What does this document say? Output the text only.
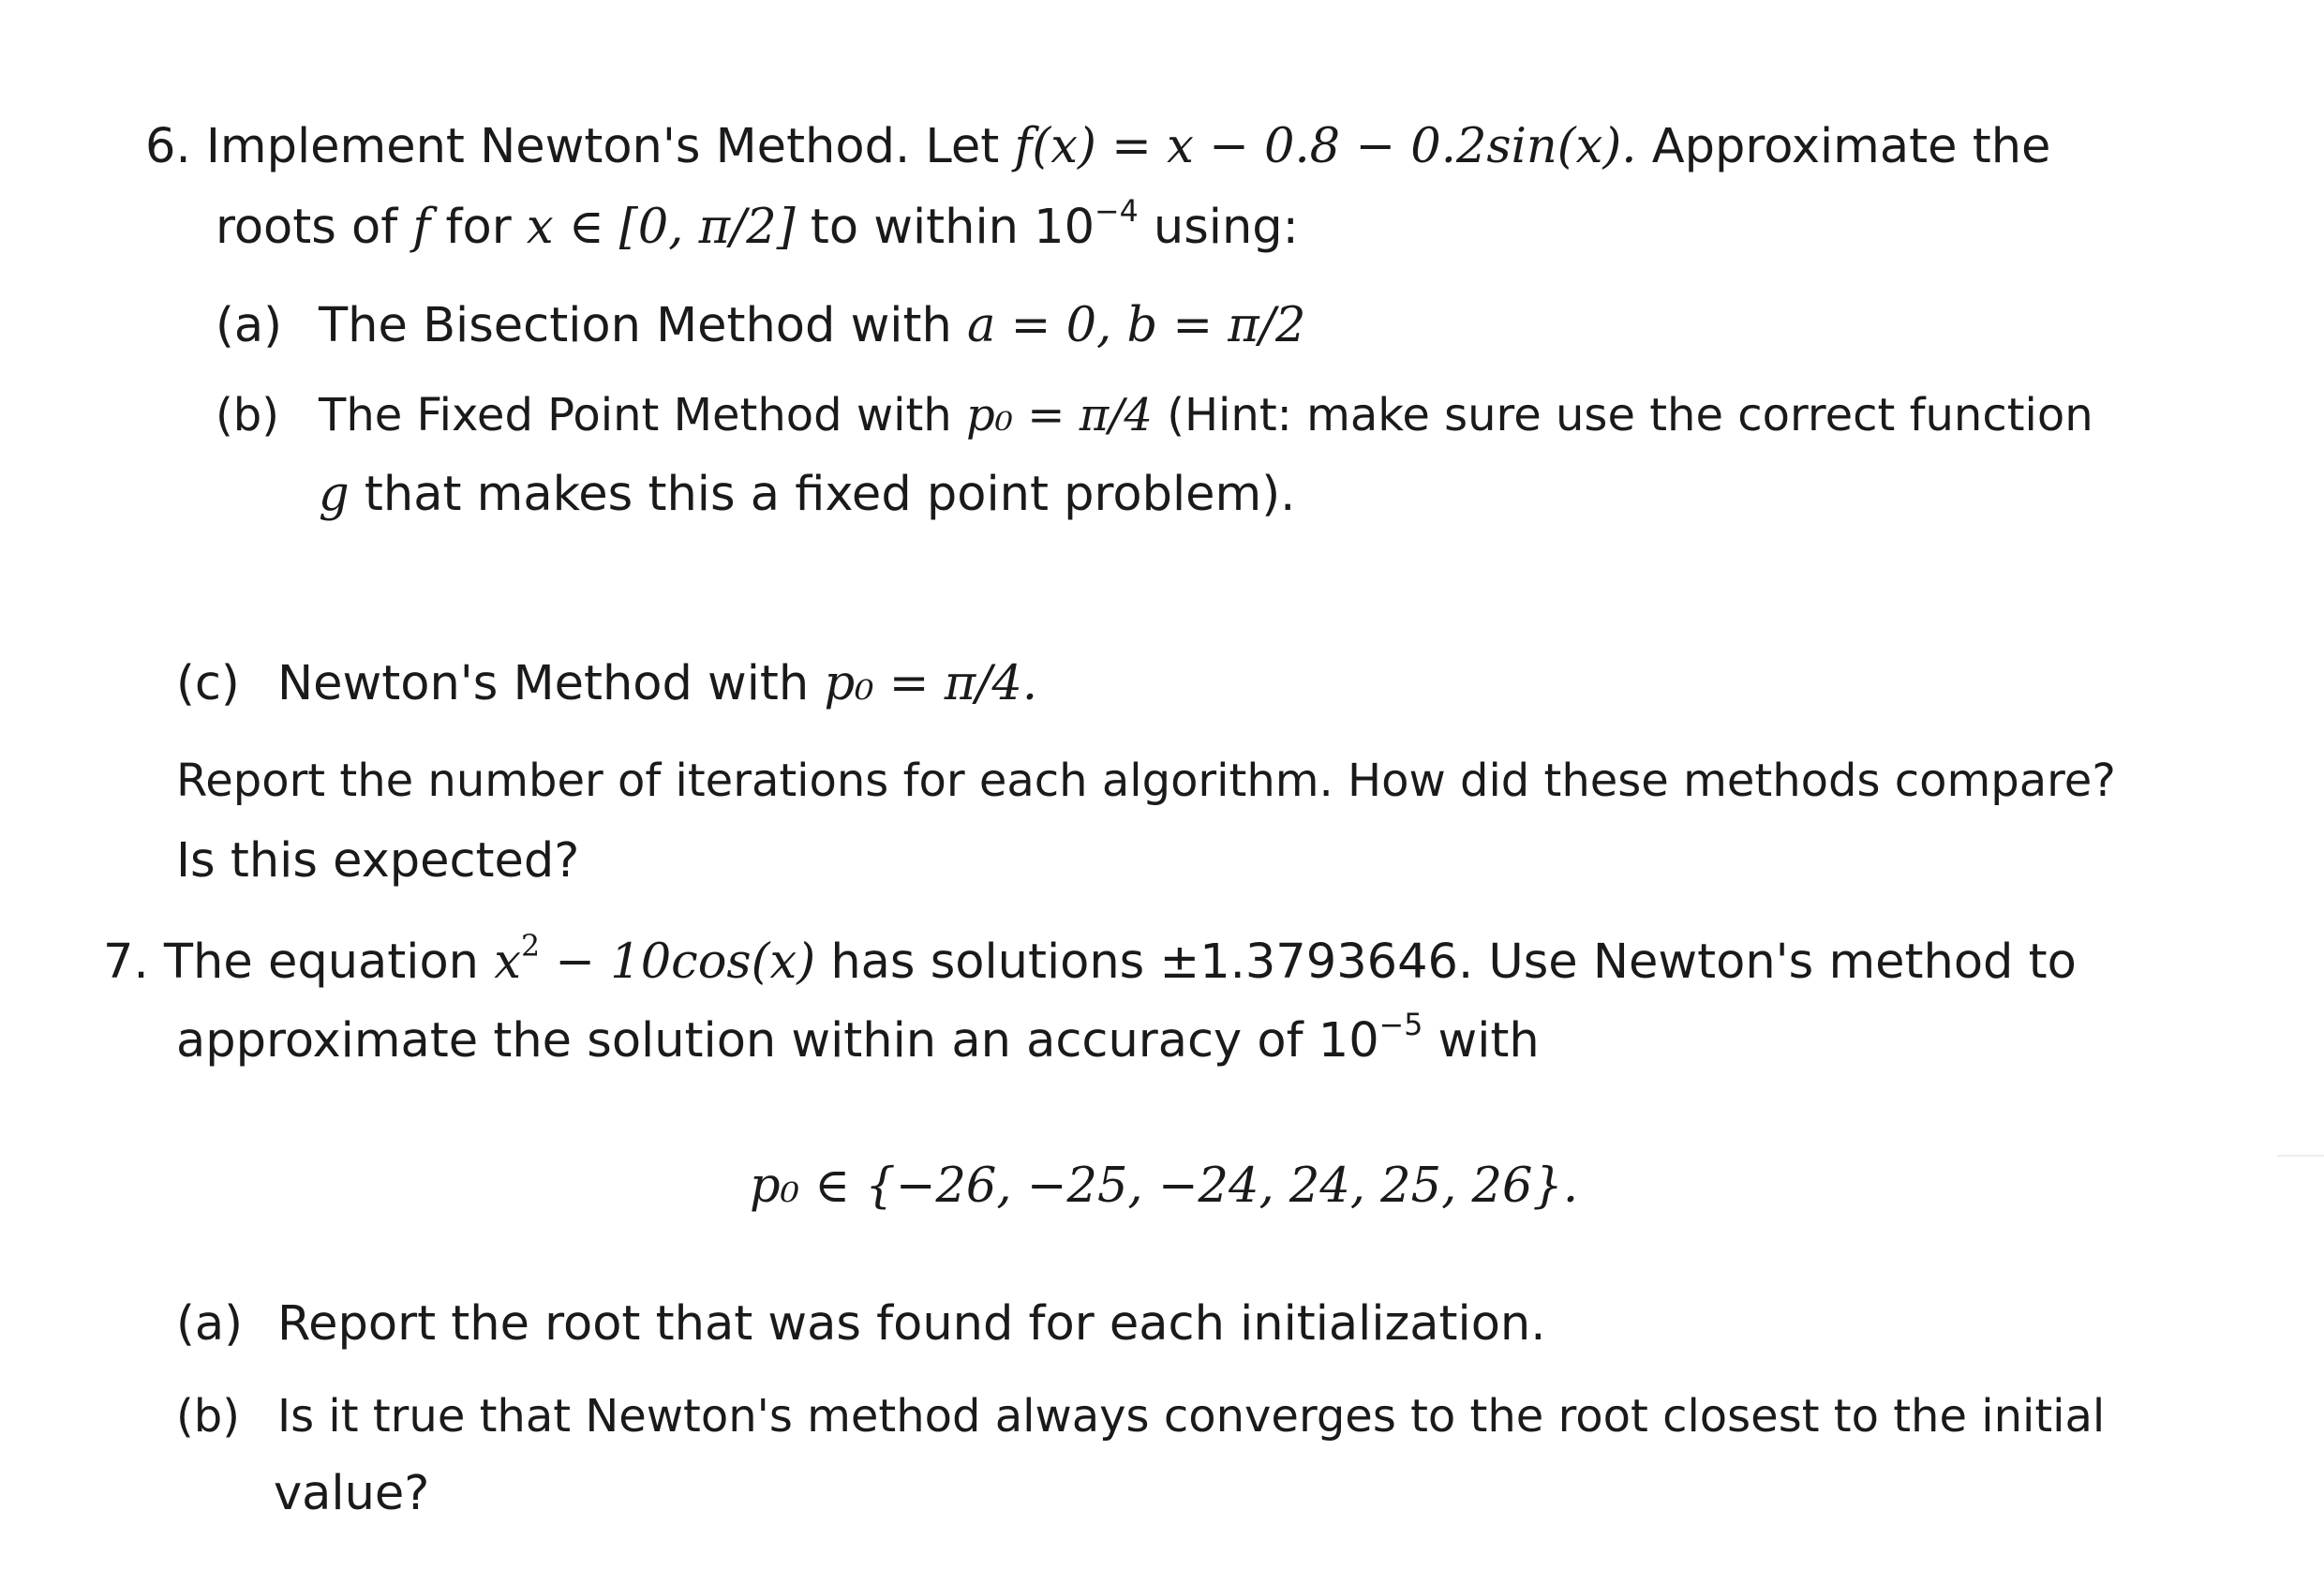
6. Implement Newton's Method. Let f(x) = x − 0.8 − 0.2sin(x). Approximate the
roots of f for x ∈ [0, π/2] to within $10^{-4}$ using:
(a) The Bisection Method with a = 0, b = π/2
(b) The Fixed Point Method with p₀ = π/4 (Hint: make sure use the correct function
g that makes this a fixed point problem).
(c) Newton's Method with p₀ = π/4.
Report the number of iterations for each algorithm. How did these methods compare?
Is this expected?
7. The equation $x^2 - 10\cos(x)$ has solutions ±1.3793646. Use Newton's method to
approximate the solution within an accuracy of $10^{-5}$ with
p₀ ∈ {−26, −25, −24, 24, 25, 26}.
(a) Report the root that was found for each initialization.
(b) Is it true that Newton's method always converges to the root closest to the initial
value?
